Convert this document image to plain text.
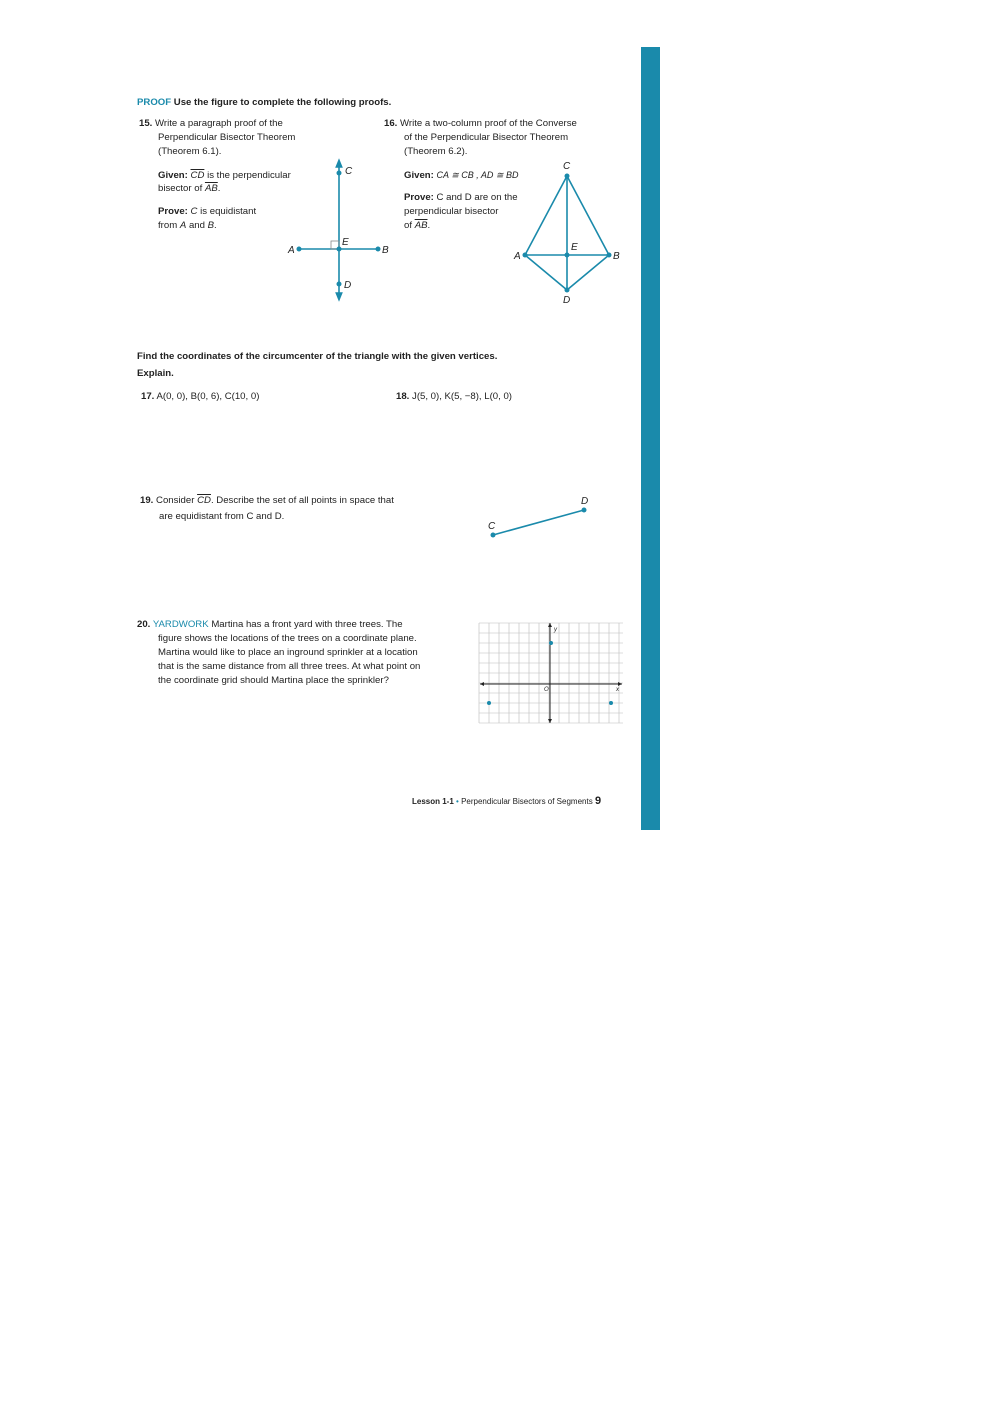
PROOF Use the figure to complete the following proofs.
15. Write a paragraph proof of the
Perpendicular Bisector Theorem
(Theorem 6.1).
Given: $\overline{CD}$ is the perpendicular
bisector of $\overline{AB}$.
Prove: C is equidistant
from A and B.
C
D
E
A	B
16. Write a two-column proof of the Converse
of the Perpendicular Bisector Theorem
(Theorem 6.2).
Given: CA ≅ CB , AD ≅ BD
Prove: C and D are on the
perpendicular bisector
of $\overline{AB}$.
C
D
E
A	B
Find the coordinates of the circumcenter of the triangle with the given vertices.
Explain.
17. A(0, 0), B(0, 6), C(10, 0)	18. J(5, 0), K(5, −8), L(0, 0)
19. Consider $\overline{CD}$. Describe the set of all points in space that
are equidistant from C and D.
C
D
20. YARDWORK Martina has a front yard with three trees. The
figure shows the locations of the trees on a coordinate plane.
Martina would like to place an inground sprinkler at a location
that is the same distance from all three trees. At what point on
the coordinate grid should Martina place the sprinkler?
y
x
O
Lesson 1-1 • Perpendicular Bisectors of Segments 9
